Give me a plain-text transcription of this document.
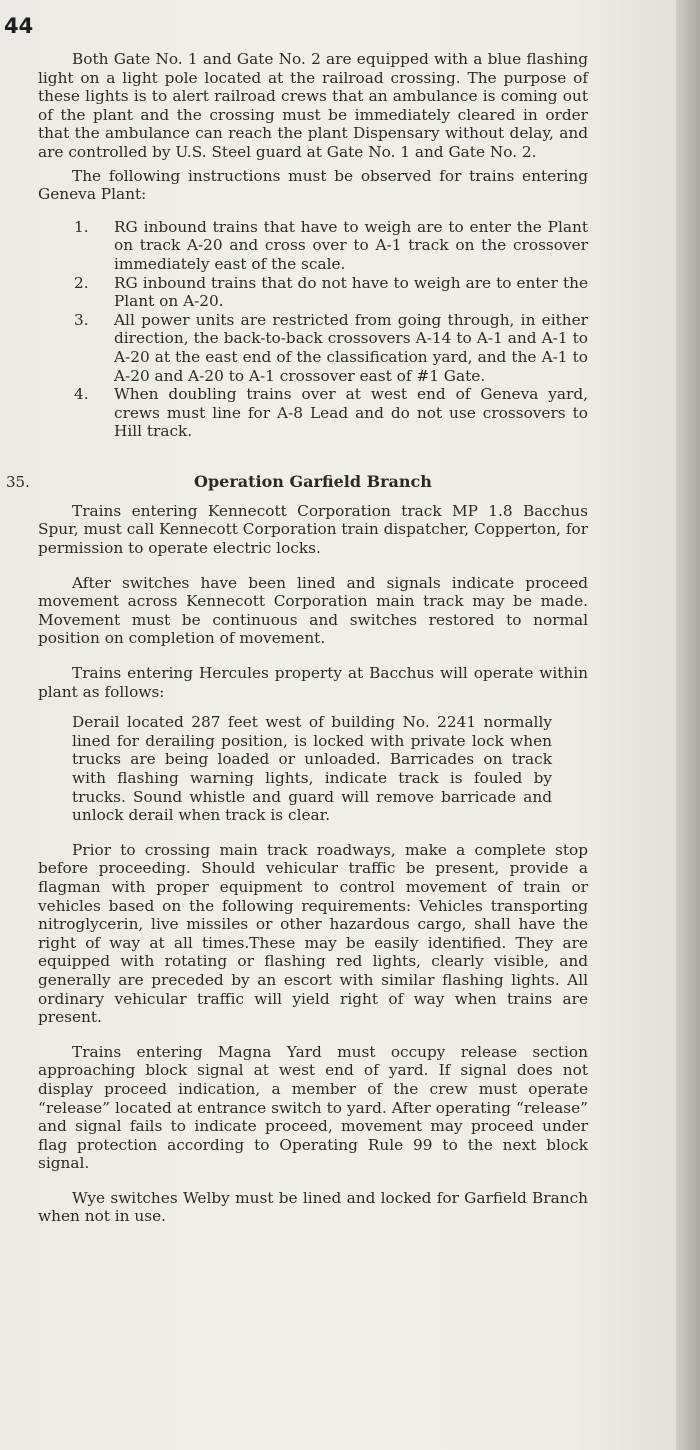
44

Both Gate No. 1 and Gate No. 2 are equipped with a blue flashing light on a light pole located at the railroad crossing. The purpose of these lights is to alert railroad crews that an ambulance is coming out of the plant and the crossing must be immediately cleared in order that the ambulance can reach the plant Dispensary without delay, and are controlled by U.S. Steel guard at Gate No. 1 and Gate No. 2.

The following instructions must be observed for trains entering Geneva Plant:

1. RG inbound trains that have to weigh are to enter the Plant on track A-20 and cross over to A-1 track on the crossover immediately east of the scale.
2. RG inbound trains that do not have to weigh are to enter the Plant on A-20.
3. All power units are restricted from going through, in either direction, the back-to-back crossovers A-14 to A-1 and A-1 to A-20 at the east end of the classification yard, and the A-1 to A-20 and A-20 to A-1 crossover east of #1 Gate.
4. When doubling trains over at west end of Geneva yard, crews must line for A-8 Lead and do not use crossovers to Hill track.
35.	Operation Garfield Branch

Trains entering Kennecott Corporation track MP 1.8 Bacchus Spur, must call Kennecott Corporation train dispatcher, Copperton, for permission to operate electric locks.

After switches have been lined and signals indicate proceed movement across Kennecott Corporation main track may be made. Movement must be continuous and switches restored to normal position on completion of movement.

Trains entering Hercules property at Bacchus will operate within plant as follows:

Derail located 287 feet west of building No. 2241 normally lined for derailing position, is locked with private lock when trucks are being loaded or unloaded. Barricades on track with flashing warning lights, indicate track is fouled by trucks. Sound whistle and guard will remove barricade and unlock derail when track is clear.

Prior to crossing main track roadways, make a complete stop before proceeding. Should vehicular traffic be present, provide a flagman with proper equipment to control movement of train or vehicles based on the following requirements: Vehicles transporting nitroglycerin, live missiles or other hazardous cargo, shall have the right of way at all times.These may be easily identified. They are equipped with rotating or flashing red lights, clearly visible, and generally are preceded by an escort with similar flashing lights. All ordinary vehicular traffic will yield right of way when trains are present.

Trains entering Magna Yard must occupy release section approaching block signal at west end of yard. If signal does not display proceed indication, a member of the crew must operate “release” located at entrance switch to yard. After operating “release” and signal fails to indicate proceed, movement may proceed under flag protection according to Operating Rule 99 to the next block signal.

Wye switches Welby must be lined and locked for Garfield Branch when not in use.
